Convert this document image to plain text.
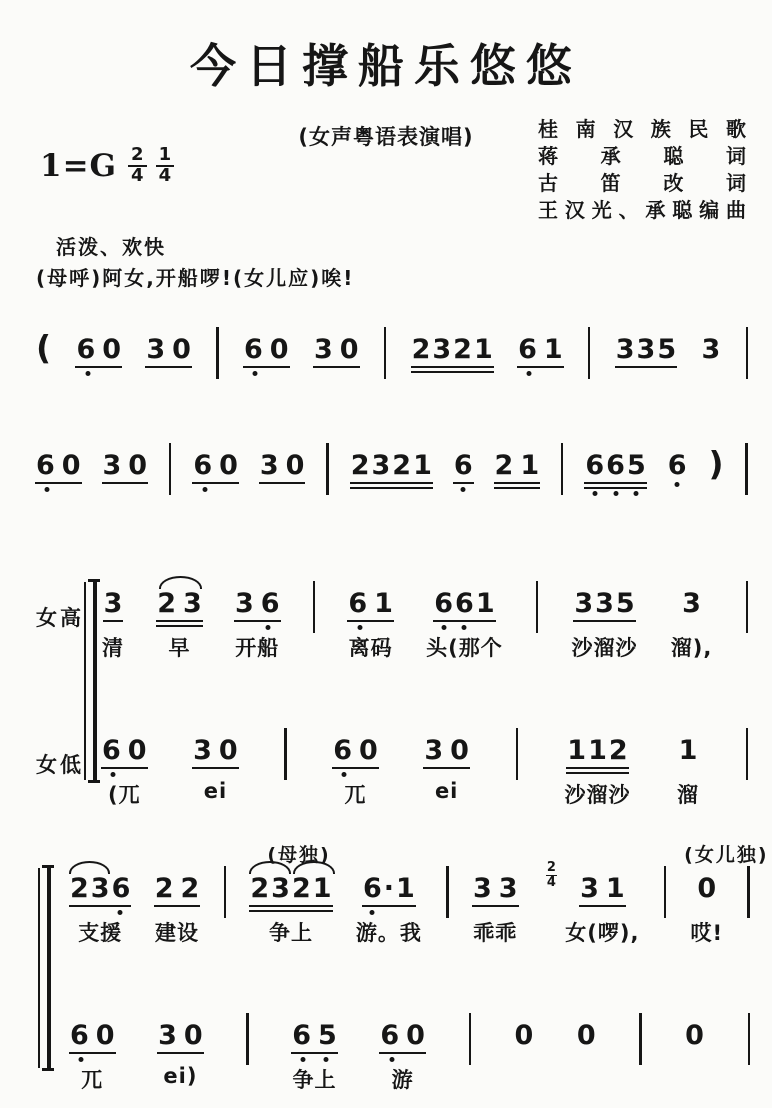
今日撑船乐悠悠
(女声粤语表演唱)	桂南汉族民歌
蒋承聪词
古笛改词
王汉光、承聪编曲
$1=G \frac{2}{4} \frac{1}{4}$
活泼、欢快
(母呼)阿女,开船啰!(女儿应)唉!
( 60 30 60 30 2321 61 335 3
60 30 60 30 2321 6 21 665 6 )
女高 3
清
23
早
36
开船
61
离码
661
头(那个
335
沙溜沙
3
溜),
女低 60
(兀
30
ei
60
兀
30
ei
112
沙溜沙
1
溜
236
支援
22
建设
2321
(母独)
争上
6·1
游。我
33
乖乖
$\frac{2}{4} 31$
女(啰),
0
(女儿独)
哎!
60
兀
30
ei)
65
争上
60
游
0 0	0
